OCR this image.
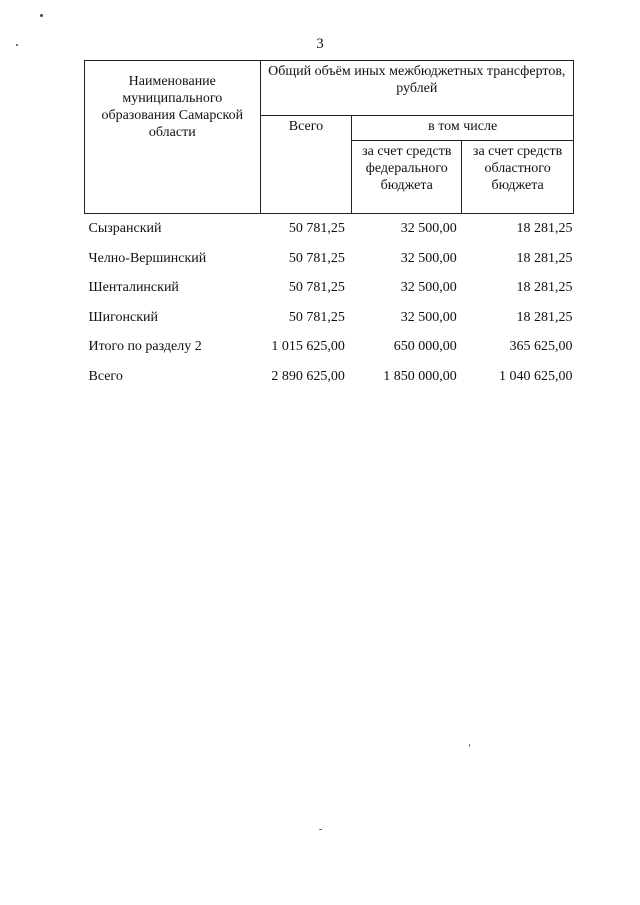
3
Наименование муниципального образования Самарской области	Общий объём иных межбюджетных трансфертов, рублей		
	Всего	в том числе	
		за счет средств федерального бюджета	за счет средств областного бюджета
Сызранский	50 781,25	32 500,00	18 281,25
Челно-Вершинский	50 781,25	32 500,00	18 281,25
Шенталинский	50 781,25	32 500,00	18 281,25
Шигонский	50 781,25	32 500,00	18 281,25
Итого по разделу 2	1 015 625,00	650 000,00	365 625,00
Всего	2 890 625,00	1 850 000,00	1 040 625,00
